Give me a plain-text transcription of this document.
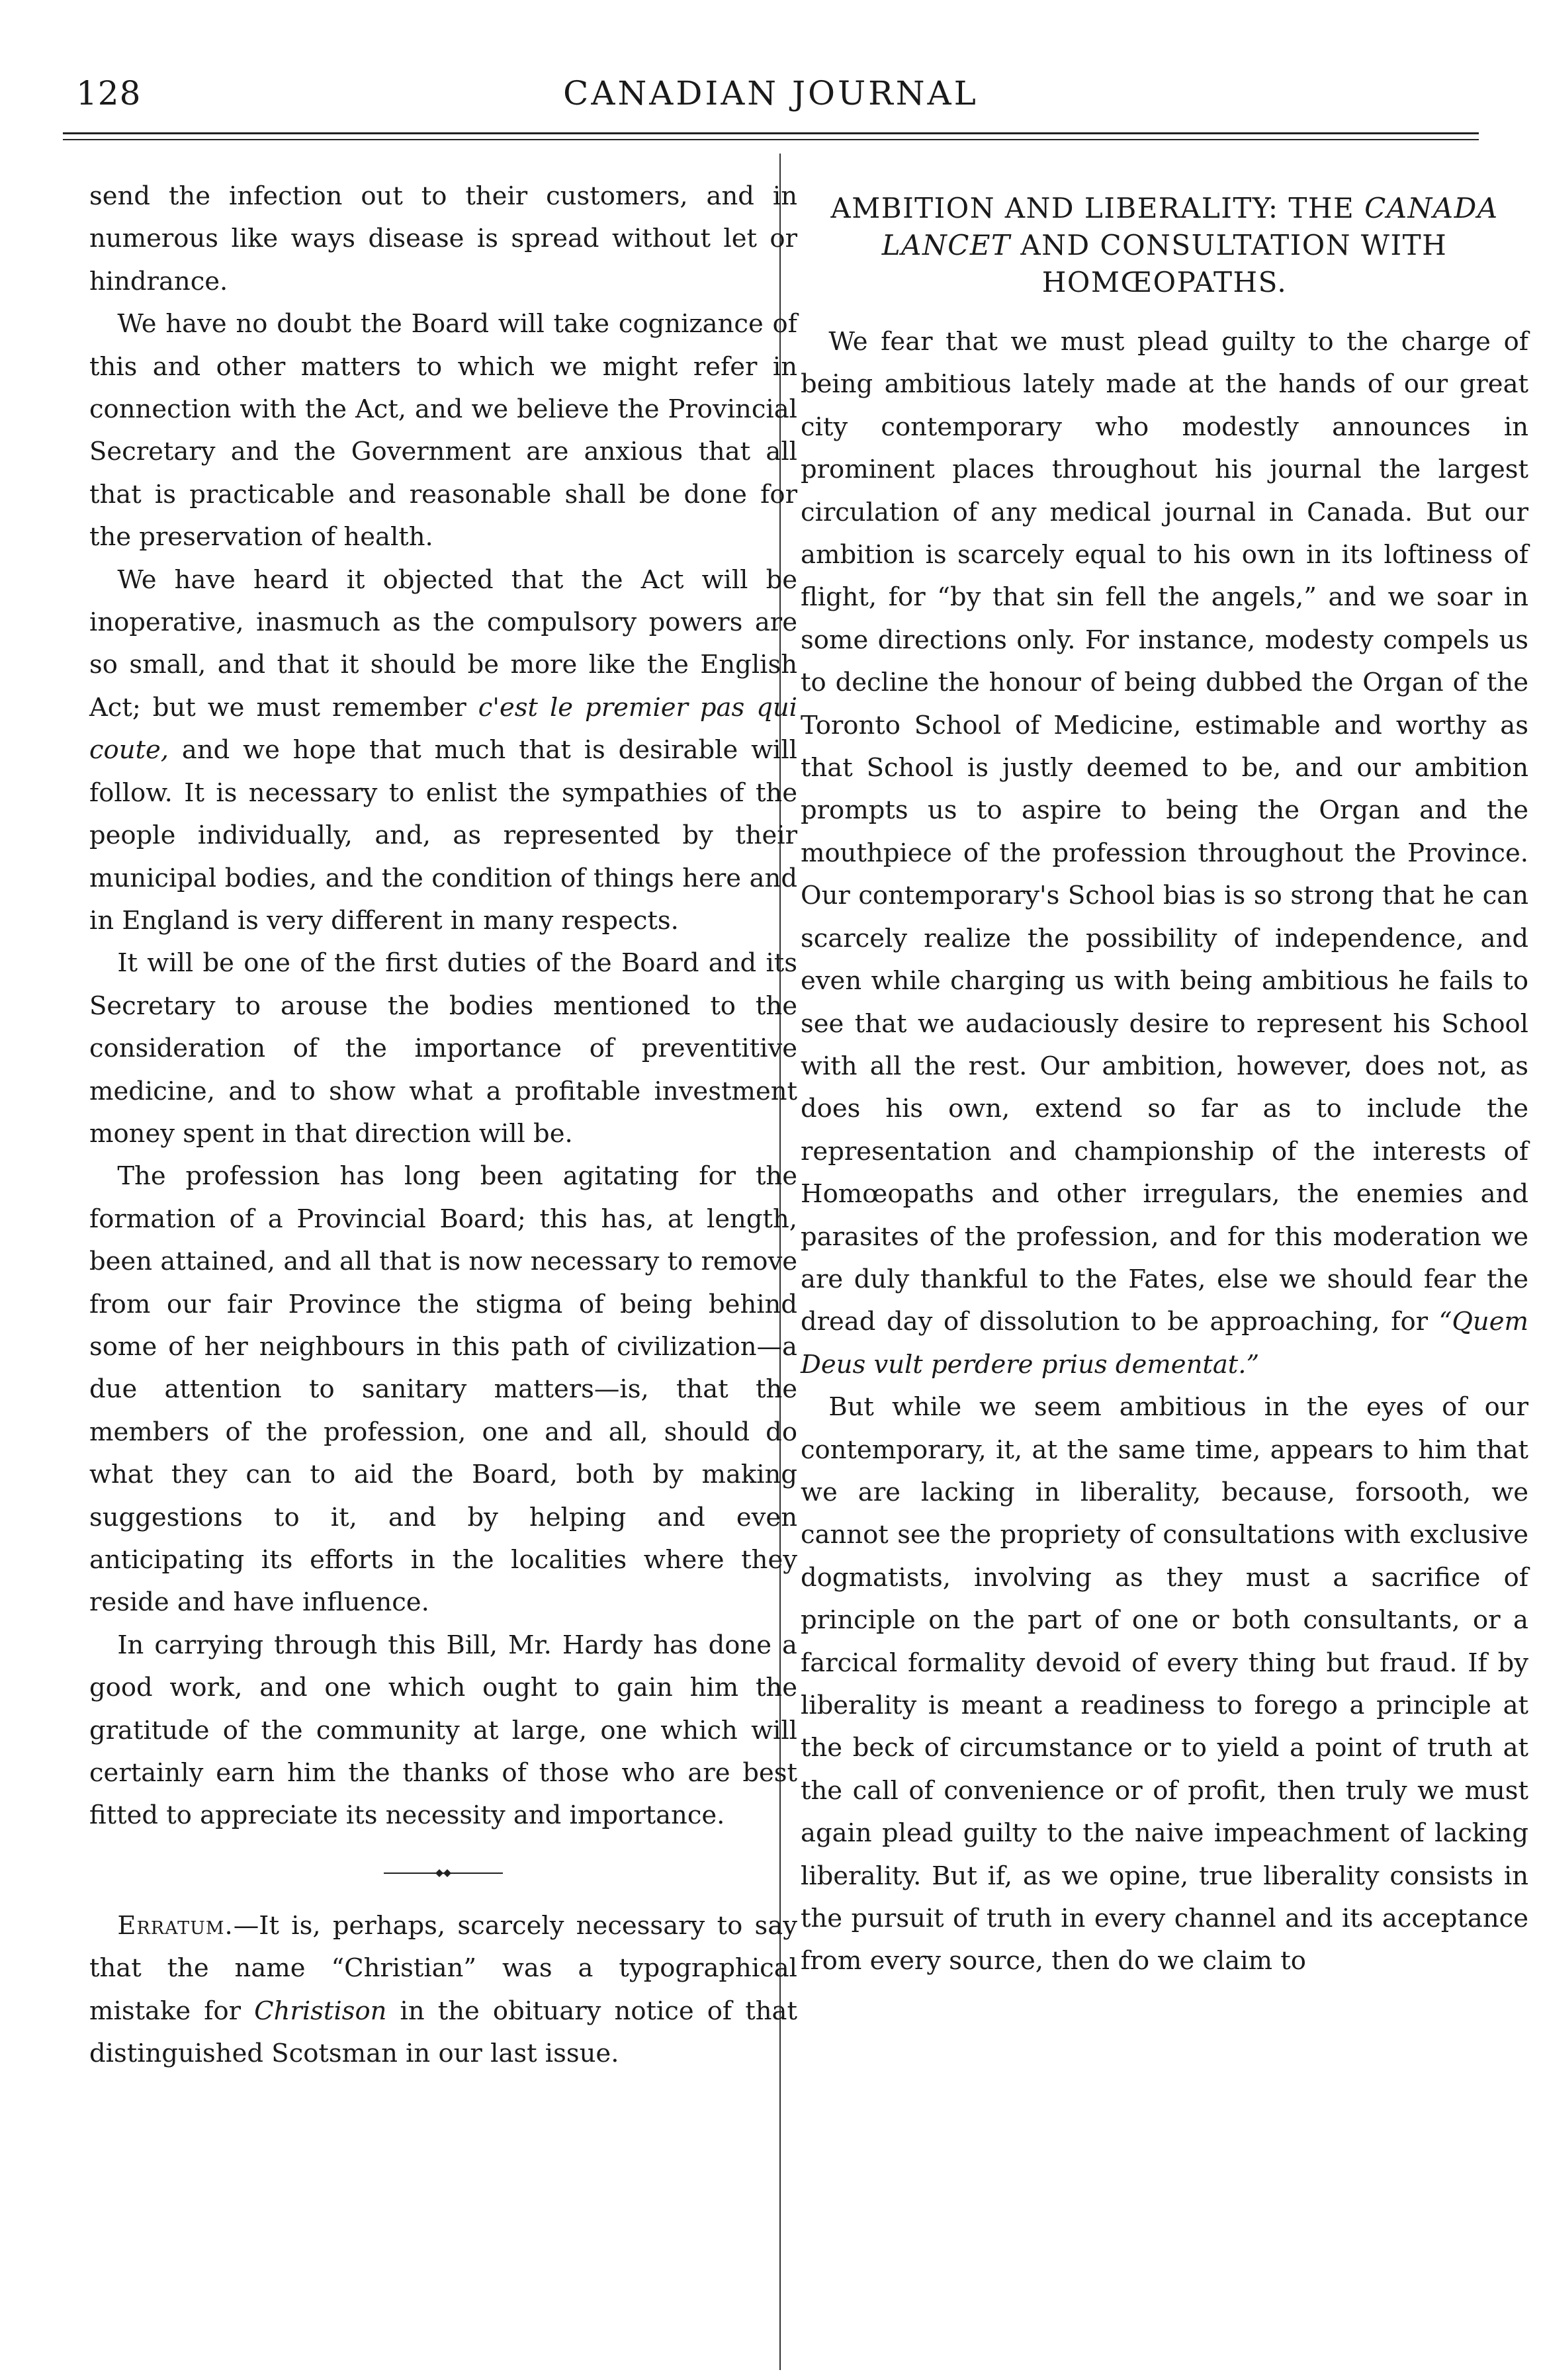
CANADIAN JOURNAL
128

send the infection out to their customers, and in numerous like ways disease is spread without let or hindrance.

We have no doubt the Board will take cognizance of this and other matters to which we might refer in connection with the Act, and we believe the Provincial Secretary and the Government are anxious that all that is practicable and reasonable shall be done for the preservation of health.

We have heard it objected that the Act will be inoperative, inasmuch as the compulsory powers are so small, and that it should be more like the English Act; but we must remember c'est le premier pas qui coute, and we hope that much that is desirable will follow. It is necessary to enlist the sympathies of the people individually, and, as represented by their municipal bodies, and the condition of things here and in England is very different in many respects.

It will be one of the first duties of the Board and its Secretary to arouse the bodies mentioned to the consideration of the importance of preventitive medicine, and to show what a profitable investment money spent in that direction will be.

The profession has long been agitating for the formation of a Provincial Board; this has, at length, been attained, and all that is now necessary to remove from our fair Province the stigma of being behind some of her neighbours in this path of civilization—a due attention to sanitary matters—is, that the members of the profession, one and all, should do what they can to aid the Board, both by making suggestions to it, and by helping and even anticipating its efforts in the localities where they reside and have influence.

In carrying through this Bill, Mr. Hardy has done a good work, and one which ought to gain him the gratitude of the community at large, one which will certainly earn him the thanks of those who are best fitted to appreciate its necessity and importance.

Erratum.—It is, perhaps, scarcely necessary to say that the name “Christian” was a typographical mistake for Christison in the obituary notice of that distinguished Scotsman in our last issue.

AMBITION AND LIBERALITY: THE CANADA LANCET AND CONSULTATION WITH HOMŒOPATHS.

We fear that we must plead guilty to the charge of being ambitious lately made at the hands of our great city contemporary who modestly announces in prominent places throughout his journal the largest circulation of any medical journal in Canada. But our ambition is scarcely equal to his own in its loftiness of flight, for “by that sin fell the angels,” and we soar in some directions only. For instance, modesty compels us to decline the honour of being dubbed the Organ of the Toronto School of Medicine, estimable and worthy as that School is justly deemed to be, and our ambition prompts us to aspire to being the Organ and the mouthpiece of the profession throughout the Province. Our contemporary's School bias is so strong that he can scarcely realize the possibility of independence, and even while charging us with being ambitious he fails to see that we audaciously desire to represent his School with all the rest. Our ambition, however, does not, as does his own, extend so far as to include the representation and championship of the interests of Homœopaths and other irregulars, the enemies and parasites of the profession, and for this moderation we are duly thankful to the Fates, else we should fear the dread day of dissolution to be approaching, for “Quem Deus vult perdere prius dementat.”

But while we seem ambitious in the eyes of our contemporary, it, at the same time, appears to him that we are lacking in liberality, because, forsooth, we cannot see the propriety of consultations with exclusive dogmatists, involving as they must a sacrifice of principle on the part of one or both consultants, or a farcical formality devoid of every thing but fraud. If by liberality is meant a readiness to forego a principle at the beck of circumstance or to yield a point of truth at the call of convenience or of profit, then truly we must again plead guilty to the naive impeachment of lacking liberality. But if, as we opine, true liberality consists in the pursuit of truth in every channel and its acceptance from every source, then do we claim to
